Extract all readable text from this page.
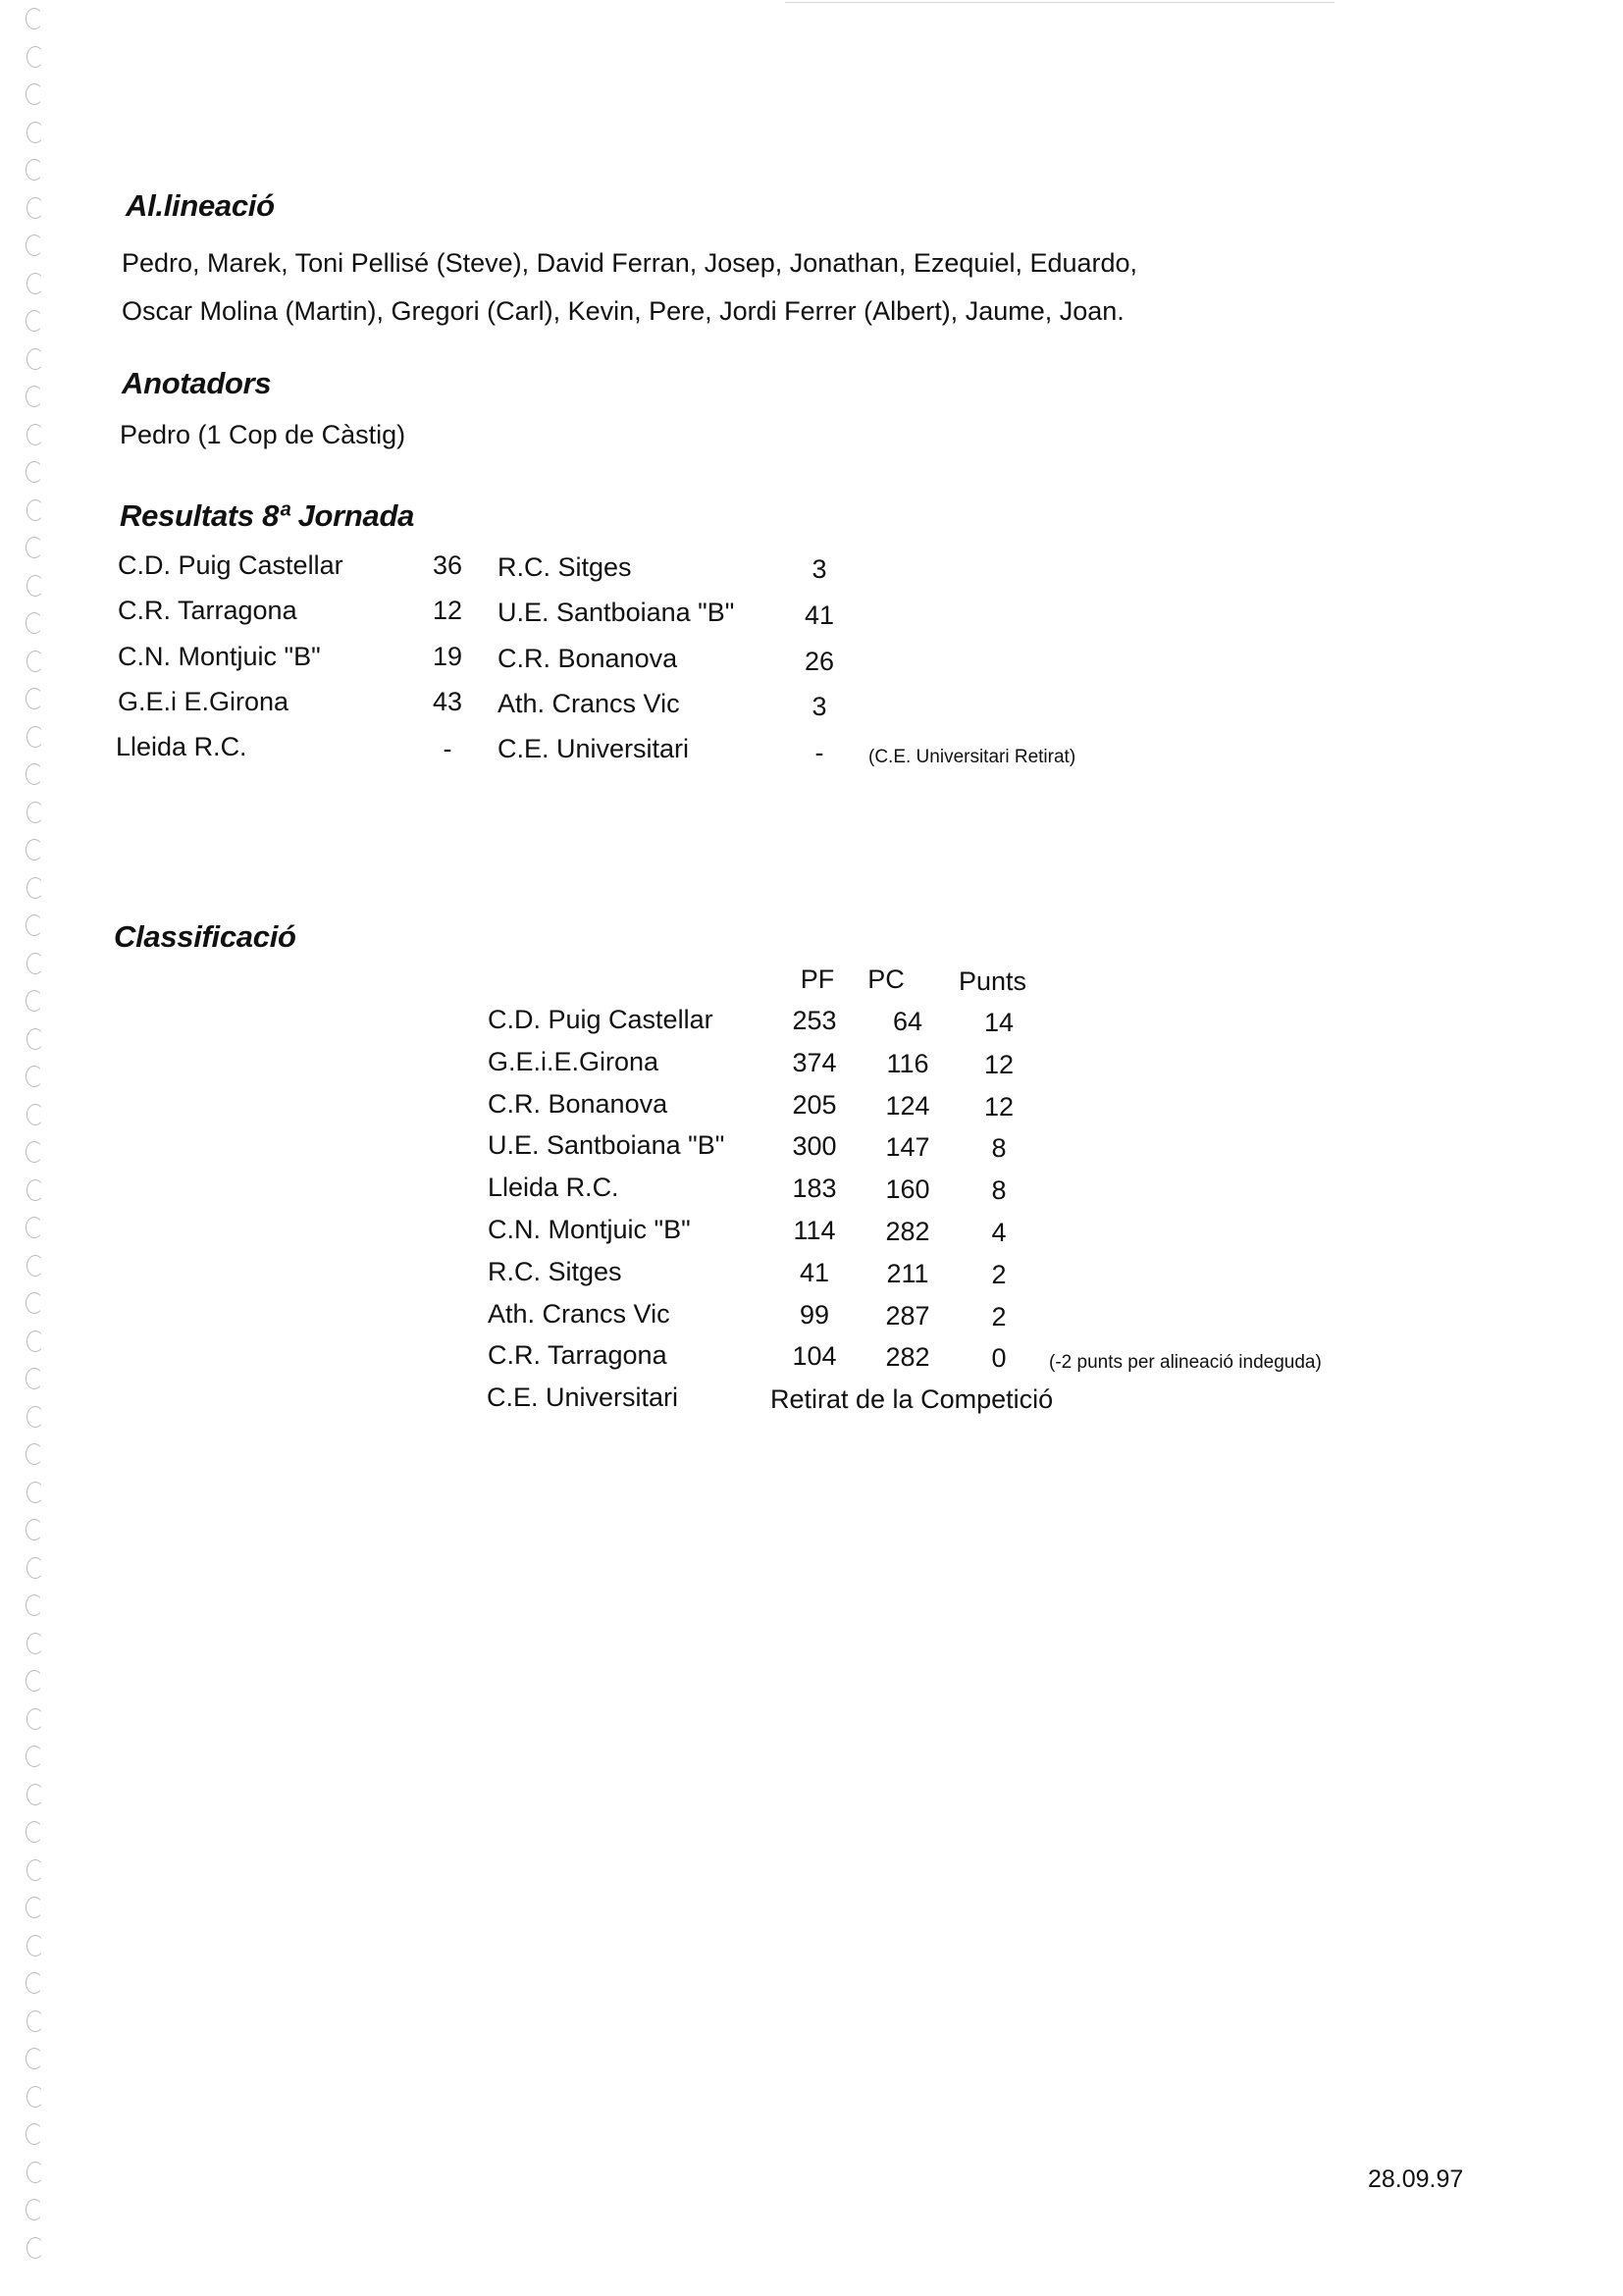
Al.lineació
Pedro, Marek, Toni Pellisé (Steve), David Ferran, Josep, Jonathan, Ezequiel, Eduardo,
Oscar Molina (Martin), Gregori (Carl), Kevin, Pere, Jordi Ferrer (Albert), Jaume, Joan.
Anotadors
Pedro (1 Cop de Càstig)
Resultats 8ª Jornada
C.D. Puig Castellar	36	R.C. Sitges	3
C.R. Tarragona	12	U.E. Santboiana "B"	41
C.N. Montjuic "B"	19	C.R. Bonanova	26
G.E.i E.Girona	43	Ath. Crancs Vic	3
Lleida R.C.	-	C.E. Universitari	-	(C.E. Universitari Retirat)
Classificació
PF	PC	Punts
C.D. Puig Castellar	253	64	14
G.E.i.E.Girona	374 116	12
C.R. Bonanova	205 124	12
U.E. Santboiana "B"	300 147	8
Lleida R.C.	183 160	8
C.N. Montjuic "B"	114 282	4
R.C. Sitges	41	211	2
Ath. Crancs Vic	99	287	2
C.R. Tarragona	104 282	0	(-2 punts per alineació indeguda)
C.E. Universitari	Retirat de la Competició
28.09.97
